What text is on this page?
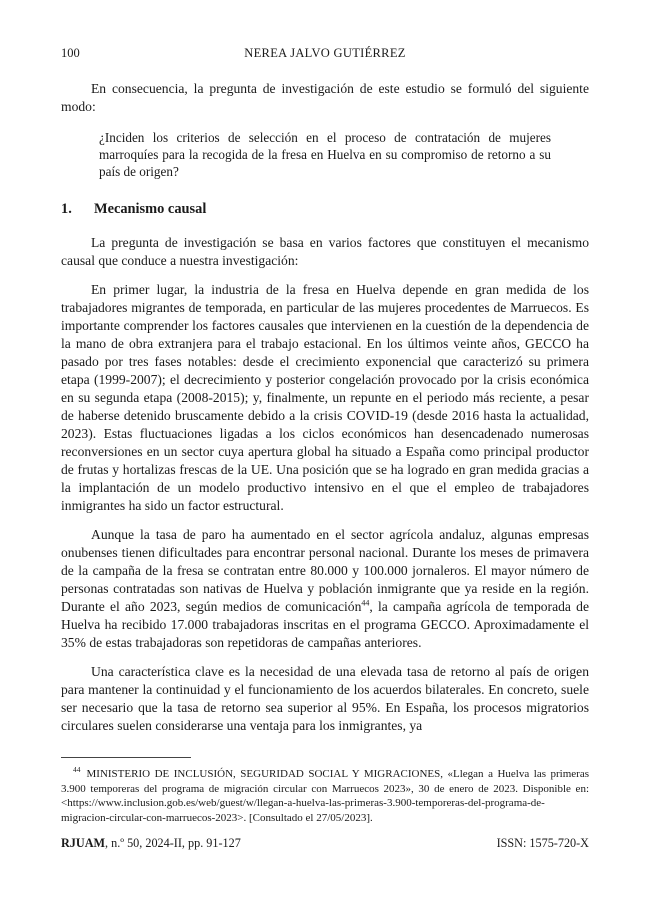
100	NEREA JALVO GUTIÉRREZ

En consecuencia, la pregunta de investigación de este estudio se formuló del siguiente modo:

¿Inciden los criterios de selección en el proceso de contratación de mujeres marroquíes para la recogida de la fresa en Huelva en su compromiso de retorno a su país de origen?

1.	Mecanismo causal

La pregunta de investigación se basa en varios factores que constituyen el mecanismo causal que conduce a nuestra investigación:

En primer lugar, la industria de la fresa en Huelva depende en gran medida de los trabajadores migrantes de temporada, en particular de las mujeres procedentes de Marruecos. Es importante comprender los factores causales que intervienen en la cuestión de la dependencia de la mano de obra extranjera para el trabajo estacional. En los últimos veinte años, GECCO ha pasado por tres fases notables: desde el crecimiento exponencial que caracterizó su primera etapa (1999-2007); el decrecimiento y posterior congelación provocado por la crisis económica en su segunda etapa (2008-2015); y, finalmente, un repunte en el periodo más reciente, a pesar de haberse detenido bruscamente debido a la crisis COVID-19 (desde 2016 hasta la actualidad, 2023). Estas fluctuaciones ligadas a los ciclos económicos han desencadenado numerosas reconversiones en un sector cuya apertura global ha situado a España como principal productor de frutas y hortalizas frescas de la UE. Una posición que se ha logrado en gran medida gracias a la implantación de un modelo productivo intensivo en el que el empleo de trabajadores inmigrantes ha sido un factor estructural.

Aunque la tasa de paro ha aumentado en el sector agrícola andaluz, algunas empresas onubenses tienen dificultades para encontrar personal nacional. Durante los meses de primavera de la campaña de la fresa se contratan entre 80.000 y 100.000 jornaleros. El mayor número de personas contratadas son nativas de Huelva y población inmigrante que ya reside en la región. Durante el año 2023, según medios de comunicación$^{44}$, la campaña agrícola de temporada de Huelva ha recibido 17.000 trabajadoras inscritas en el programa GECCO. Aproximadamente el 35% de estas trabajadoras son repetidoras de campañas anteriores.

Una característica clave es la necesidad de una elevada tasa de retorno al país de origen para mantener la continuidad y el funcionamiento de los acuerdos bilaterales. En concreto, suele ser necesario que la tasa de retorno sea superior al 95%. En España, los procesos migratorios circulares suelen considerarse una ventaja para los inmigrantes, ya

$^{44}$ MINISTERIO DE INCLUSIÓN, SEGURIDAD SOCIAL Y MIGRACIONES, «Llegan a Huelva las primeras 3.900 temporeras del programa de migración circular con Marruecos 2023», 30 de enero de 2023. Disponible en: <https://www.inclusion.gob.es/web/guest/w/llegan-a-huelva-las-primeras-3.900-temporeras-del-programa-de-migracion-circular-con-marruecos-2023>. [Consultado el 27/05/2023].
RJUAM, n.º 50, 2024-II, pp. 91-127	ISSN: 1575-720-X
